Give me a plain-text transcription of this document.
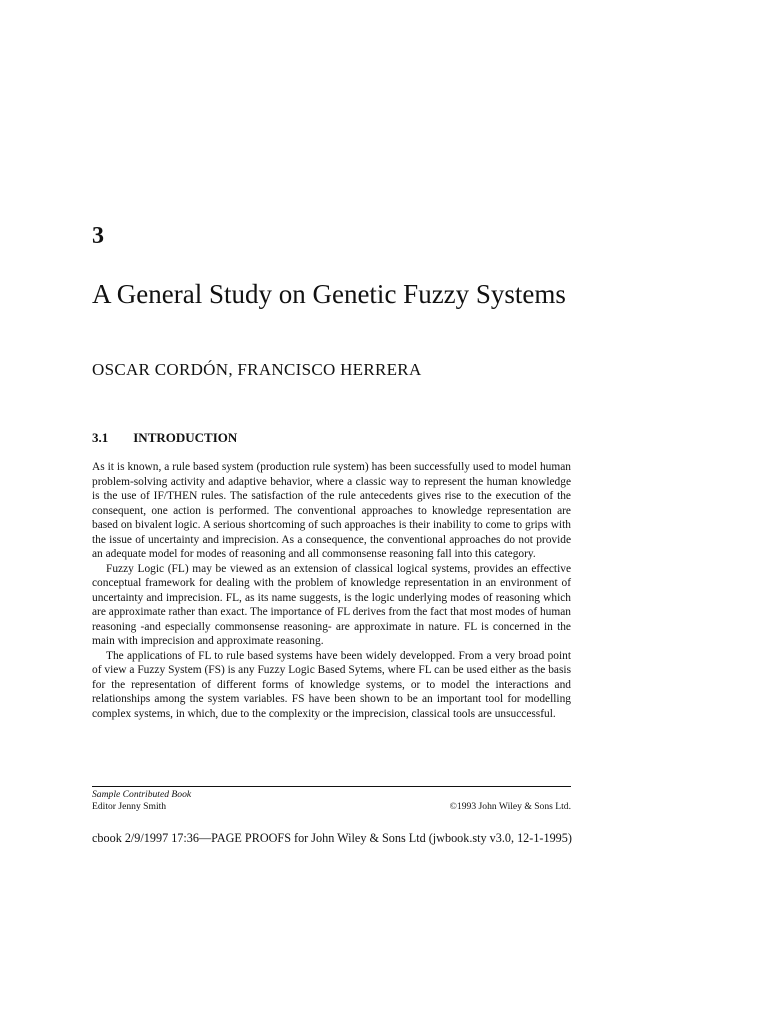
3
A General Study on Genetic Fuzzy Systems
OSCAR CORDÓN, FRANCISCO HERRERA
3.1 INTRODUCTION

As it is known, a rule based system (production rule system) has been successfully used to model human problem-solving activity and adaptive behavior, where a classic way to represent the human knowledge is the use of IF/THEN rules. The satisfaction of the rule antecedents gives rise to the execution of the consequent, one action is performed. The conventional approaches to knowledge representation are based on bivalent logic. A serious shortcoming of such approaches is their inability to come to grips with the issue of uncertainty and imprecision. As a consequence, the conventional approaches do not provide an adequate model for modes of reasoning and all commonsense reasoning fall into this category.

Fuzzy Logic (FL) may be viewed as an extension of classical logical systems, provides an effective conceptual framework for dealing with the problem of knowledge representation in an environment of uncertainty and imprecision. FL, as its name suggests, is the logic underlying modes of reasoning which are approximate rather than exact. The importance of FL derives from the fact that most modes of human reasoning -and especially commonsense reasoning- are approximate in nature. FL is concerned in the main with imprecision and approximate reasoning.

The applications of FL to rule based systems have been widely developped. From a very broad point of view a Fuzzy System (FS) is any Fuzzy Logic Based Sytems, where FL can be used either as the basis for the representation of different forms of knowledge systems, or to model the interactions and relationships among the system variables. FS have been shown to be an important tool for modelling complex systems, in which, due to the complexity or the imprecision, classical tools are unsuccessful.

Sample Contributed Book
Editor Jenny Smith	©1993 John Wiley & Sons Ltd.
cbook 2/9/1997 17:36—PAGE PROOFS for John Wiley & Sons Ltd (jwbook.sty v3.0, 12-1-1995)
